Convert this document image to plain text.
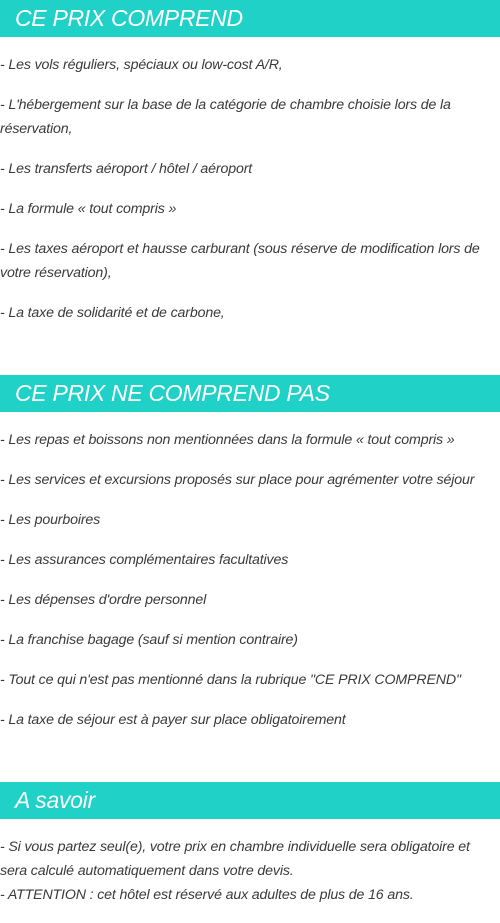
CE PRIX COMPREND
- Les vols réguliers, spéciaux ou low-cost A/R,
- L'hébergement sur la base de la catégorie de chambre choisie lors de la réservation,
- Les transferts aéroport / hôtel / aéroport
- La formule « tout compris »
- Les taxes aéroport et hausse carburant (sous réserve de modification lors de votre réservation),
- La taxe de solidarité et de carbone,
CE PRIX NE COMPREND PAS
- Les repas et boissons non mentionnées dans la formule « tout compris »
- Les services et excursions proposés sur place pour agrémenter votre séjour
- Les pourboires
- Les assurances complémentaires facultatives
- Les dépenses d'ordre personnel
- La franchise bagage (sauf si mention contraire)
- Tout ce qui n'est pas mentionné dans la rubrique "CE PRIX COMPREND"
- La taxe de séjour est à payer sur place obligatoirement
A savoir
- Si vous partez seul(e), votre prix en chambre individuelle sera obligatoire et sera calculé automatiquement dans votre devis.
- ATTENTION : cet hôtel est réservé aux adultes de plus de 16 ans.
